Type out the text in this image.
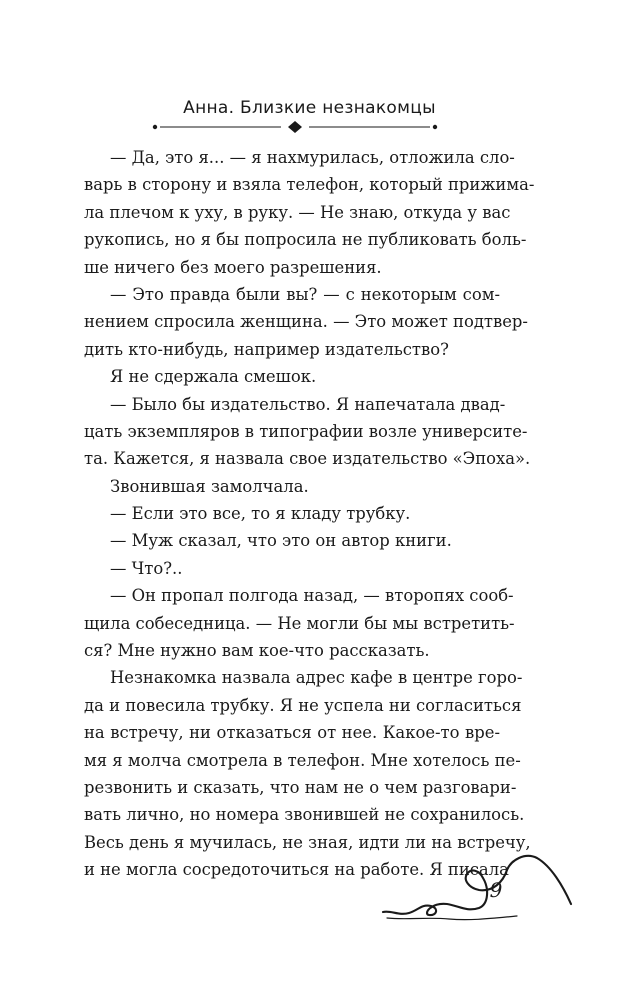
Анна. Близкие незнакомцы
— Да, это я... — я нахмурилась, отложила сло-
варь в сторону и взяла телефон, который прижима-
ла плечом к уху, в руку. — Не знаю, откуда у вас
рукопись, но я бы попросила не публиковать боль-
ше ничего без моего разрешения.
— Это правда были вы? — с некоторым сом-
нением спросила женщина. — Это может подтвер-
дить кто-нибудь, например издательство?
Я не сдержала смешок.
— Было бы издательство. Я напечатала двад-
цать экземпляров в типографии возле университе-
та. Кажется, я назвала свое издательство «Эпоха».
Звонившая замолчала.
— Если это все, то я кладу трубку.
— Муж сказал, что это он автор книги.
— Что?..
— Он пропал полгода назад, — второпях сооб-
щила собеседница. — Не могли бы мы встретить-
ся? Мне нужно вам кое-что рассказать.
Незнакомка назвала адрес кафе в центре горо-
да и повесила трубку. Я не успела ни согласиться
на встречу, ни отказаться от нее. Какое-то вре-
мя я молча смотрела в телефон. Мне хотелось пе-
резвонить и сказать, что нам не о чем разговари-
вать лично, но номера звонившей не сохранилось.
Весь день я мучилась, не зная, идти ли на встречу,
и не могла сосредоточиться на работе. Я писала
9
